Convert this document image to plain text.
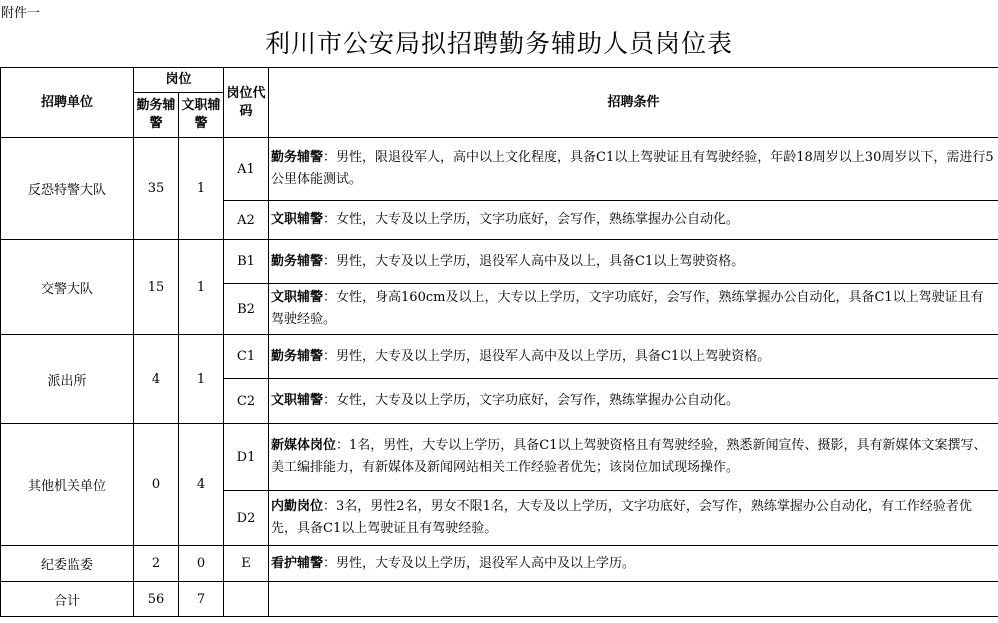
附件一
利川市公安局拟招聘勤务辅助人员岗位表
招聘单位	岗位		岗位代码	招聘条件
	勤务辅警	文职辅警		
反恐特警大队	35	1	A1	勤务辅警：男性，限退役军人，高中以上文化程度，具备C1以上驾驶证且有驾驶经验，年龄18周岁以上30周岁以下，需进行5公里体能测试。
			A2	文职辅警：女性，大专及以上学历，文字功底好，会写作，熟练掌握办公自动化。
交警大队	15	1	B1	勤务辅警：男性，大专及以上学历，退役军人高中及以上，具备C1以上驾驶资格。
			B2	文职辅警：女性，身高160cm及以上，大专以上学历，文字功底好，会写作，熟练掌握办公自动化，具备C1以上驾驶证且有驾驶经验。
派出所	4	1	C1	勤务辅警：男性，大专及以上学历，退役军人高中及以上学历，具备C1以上驾驶资格。
			C2	文职辅警：女性，大专及以上学历，文字功底好，会写作，熟练掌握办公自动化。
其他机关单位	0	4	D1	新媒体岗位：1名，男性，大专以上学历，具备C1以上驾驶资格且有驾驶经验，熟悉新闻宣传、摄影，具有新媒体文案撰写、美工编排能力，有新媒体及新闻网站相关工作经验者优先；该岗位加试现场操作。
			D2	内勤岗位：3名，男性2名，男女不限1名，大专及以上学历，文字功底好，会写作，熟练掌握办公自动化，有工作经验者优先，具备C1以上驾驶证且有驾驶经验。
纪委监委	2	0	E	看护辅警：男性，大专及以上学历，退役军人高中及以上学历。
合计	56	7		
